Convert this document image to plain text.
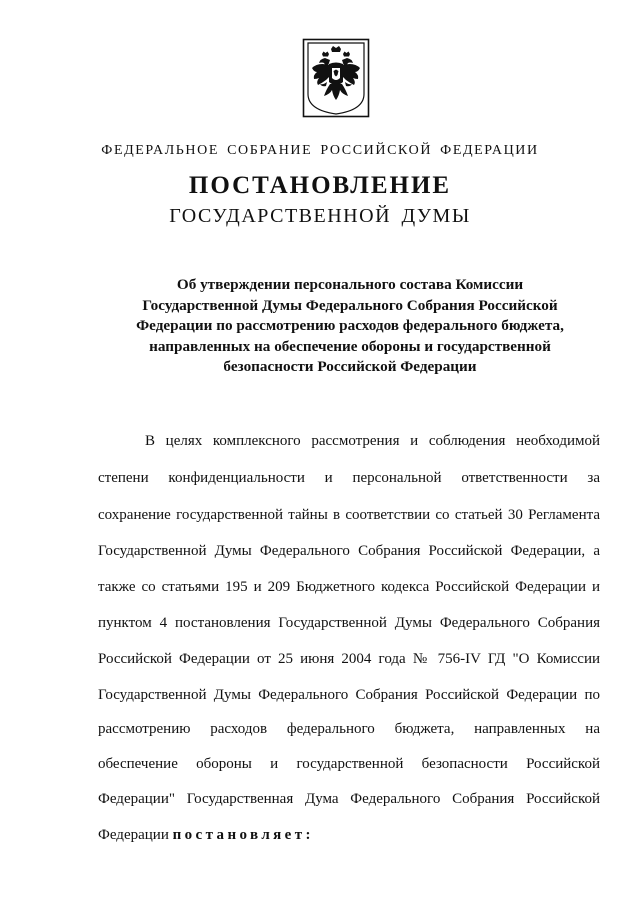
ФЕДЕРАЛЬНОЕ СОБРАНИЕ РОССИЙСКОЙ ФЕДЕРАЦИИ
ПОСТАНОВЛЕНИЕ
ГОСУДАРСТВЕННОЙ ДУМЫ
Об утверждении персонального состава Комиссии
Государственной Думы Федерального Собрания Российской
Федерации по рассмотрению расходов федерального бюджета,
направленных на обеспечение обороны и государственной
безопасности Российской Федерации
В целях комплексного рассмотрения и соблюдения необходимой
степени конфиденциальности и персональной ответственности за
сохранение государственной тайны в соответствии со статьей 30 Регламента
Государственной Думы Федерального Собрания Российской Федерации, а
также со статьями 195 и 209 Бюджетного кодекса Российской Федерации и
пунктом 4 постановления Государственной Думы Федерального Собрания
Российской Федерации от 25 июня 2004 года № 756-IV ГД "О Комиссии
Государственной Думы Федерального Собрания Российской Федерации по
рассмотрению расходов федерального бюджета, направленных на
обеспечение обороны и государственной безопасности Российской
Федерации" Государственная Дума Федерального Собрания Российской
Федерации постановляет:
